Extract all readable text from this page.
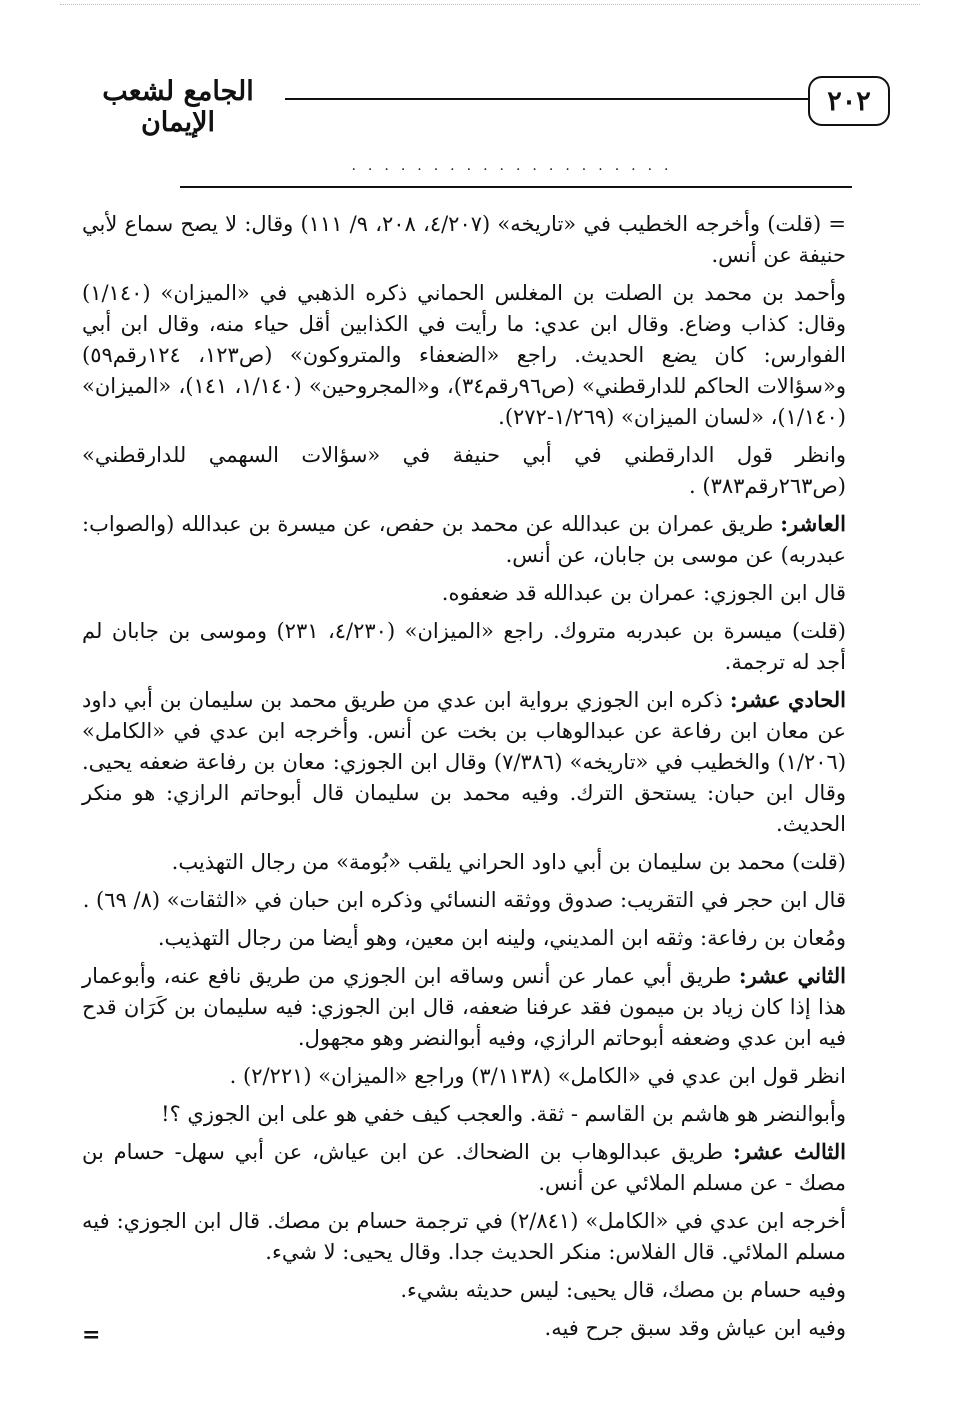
٢٠٢
الجامع لشعب الإيمان
....................

= (قلت) وأخرجه الخطيب في «تاريخه» (٤/٢٠٧، ٢٠٨، ٩/ ١١١) وقال: لا يصح سماع لأبي حنيفة عن أنس.

وأحمد بن محمد بن الصلت بن المغلس الحماني ذكره الذهبي في «الميزان» (١/١٤٠) وقال: كذاب وضاع. وقال ابن عدي: ما رأيت في الكذابين أقل حياء منه، وقال ابن أبي الفوارس: كان يضع الحديث. راجع «الضعفاء والمتروكون» (ص١٢٣، ١٢٤رقم٥٩) و«سؤالات الحاكم للدارقطني» (ص٩٦رقم٣٤)، و«المجروحين» (١/١٤٠، ١٤١)، «الميزان» (١/١٤٠)، «لسان الميزان» (١/٢٦٩-٢٧٢).

وانظر قول الدارقطني في أبي حنيفة في «سؤالات السهمي للدارقطني» (ص٢٦٣رقم٣٨٣) .

العاشر: طريق عمران بن عبدالله عن محمد بن حفص، عن ميسرة بن عبدالله (والصواب: عبدربه) عن موسى بن جابان، عن أنس.

قال ابن الجوزي: عمران بن عبدالله قد ضعفوه.

(قلت) ميسرة بن عبدربه متروك. راجع «الميزان» (٤/٢٣٠، ٢٣١) وموسى بن جابان لم أجد له ترجمة.

الحادي عشر: ذكره ابن الجوزي برواية ابن عدي من طريق محمد بن سليمان بن أبي داود عن معان ابن رفاعة عن عبدالوهاب بن بخت عن أنس. وأخرجه ابن عدي في «الكامل» (١/٢٠٦) والخطيب في «تاريخه» (٧/٣٨٦) وقال ابن الجوزي: معان بن رفاعة ضعفه يحيى. وقال ابن حبان: يستحق الترك. وفيه محمد بن سليمان قال أبوحاتم الرازي: هو منكر الحديث.

(قلت) محمد بن سليمان بن أبي داود الحراني يلقب «بُومة» من رجال التهذيب.

قال ابن حجر في التقريب: صدوق ووثقه النسائي وذكره ابن حبان في «الثقات» (٨/ ٦٩) .

ومُعان بن رفاعة: وثقه ابن المديني، ولينه ابن معين، وهو أيضا من رجال التهذيب.

الثاني عشر: طريق أبي عمار عن أنس وساقه ابن الجوزي من طريق نافع عنه، وأبوعمار هذا إذا كان زياد بن ميمون فقد عرفنا ضعفه، قال ابن الجوزي: فيه سليمان بن كَرَان قدح فيه ابن عدي وضعفه أبوحاتم الرازي، وفيه أبوالنضر وهو مجهول.

انظر قول ابن عدي في «الكامل» (٣/١١٣٨) وراجع «الميزان» (٢/٢٢١) .

وأبوالنضر هو هاشم بن القاسم - ثقة. والعجب كيف خفي هو على ابن الجوزي ؟!

الثالث عشر: طريق عبدالوهاب بن الضحاك. عن ابن عياش، عن أبي سهل- حسام بن مصك - عن مسلم الملائي عن أنس.

أخرجه ابن عدي في «الكامل» (٢/٨٤١) في ترجمة حسام بن مصك. قال ابن الجوزي: فيه مسلم الملائي. قال الفلاس: منكر الحديث جدا. وقال يحيى: لا شيء.

وفيه حسام بن مصك، قال يحيى: ليس حديثه بشيء.

وفيه ابن عياش وقد سبق جرح فيه.

=
